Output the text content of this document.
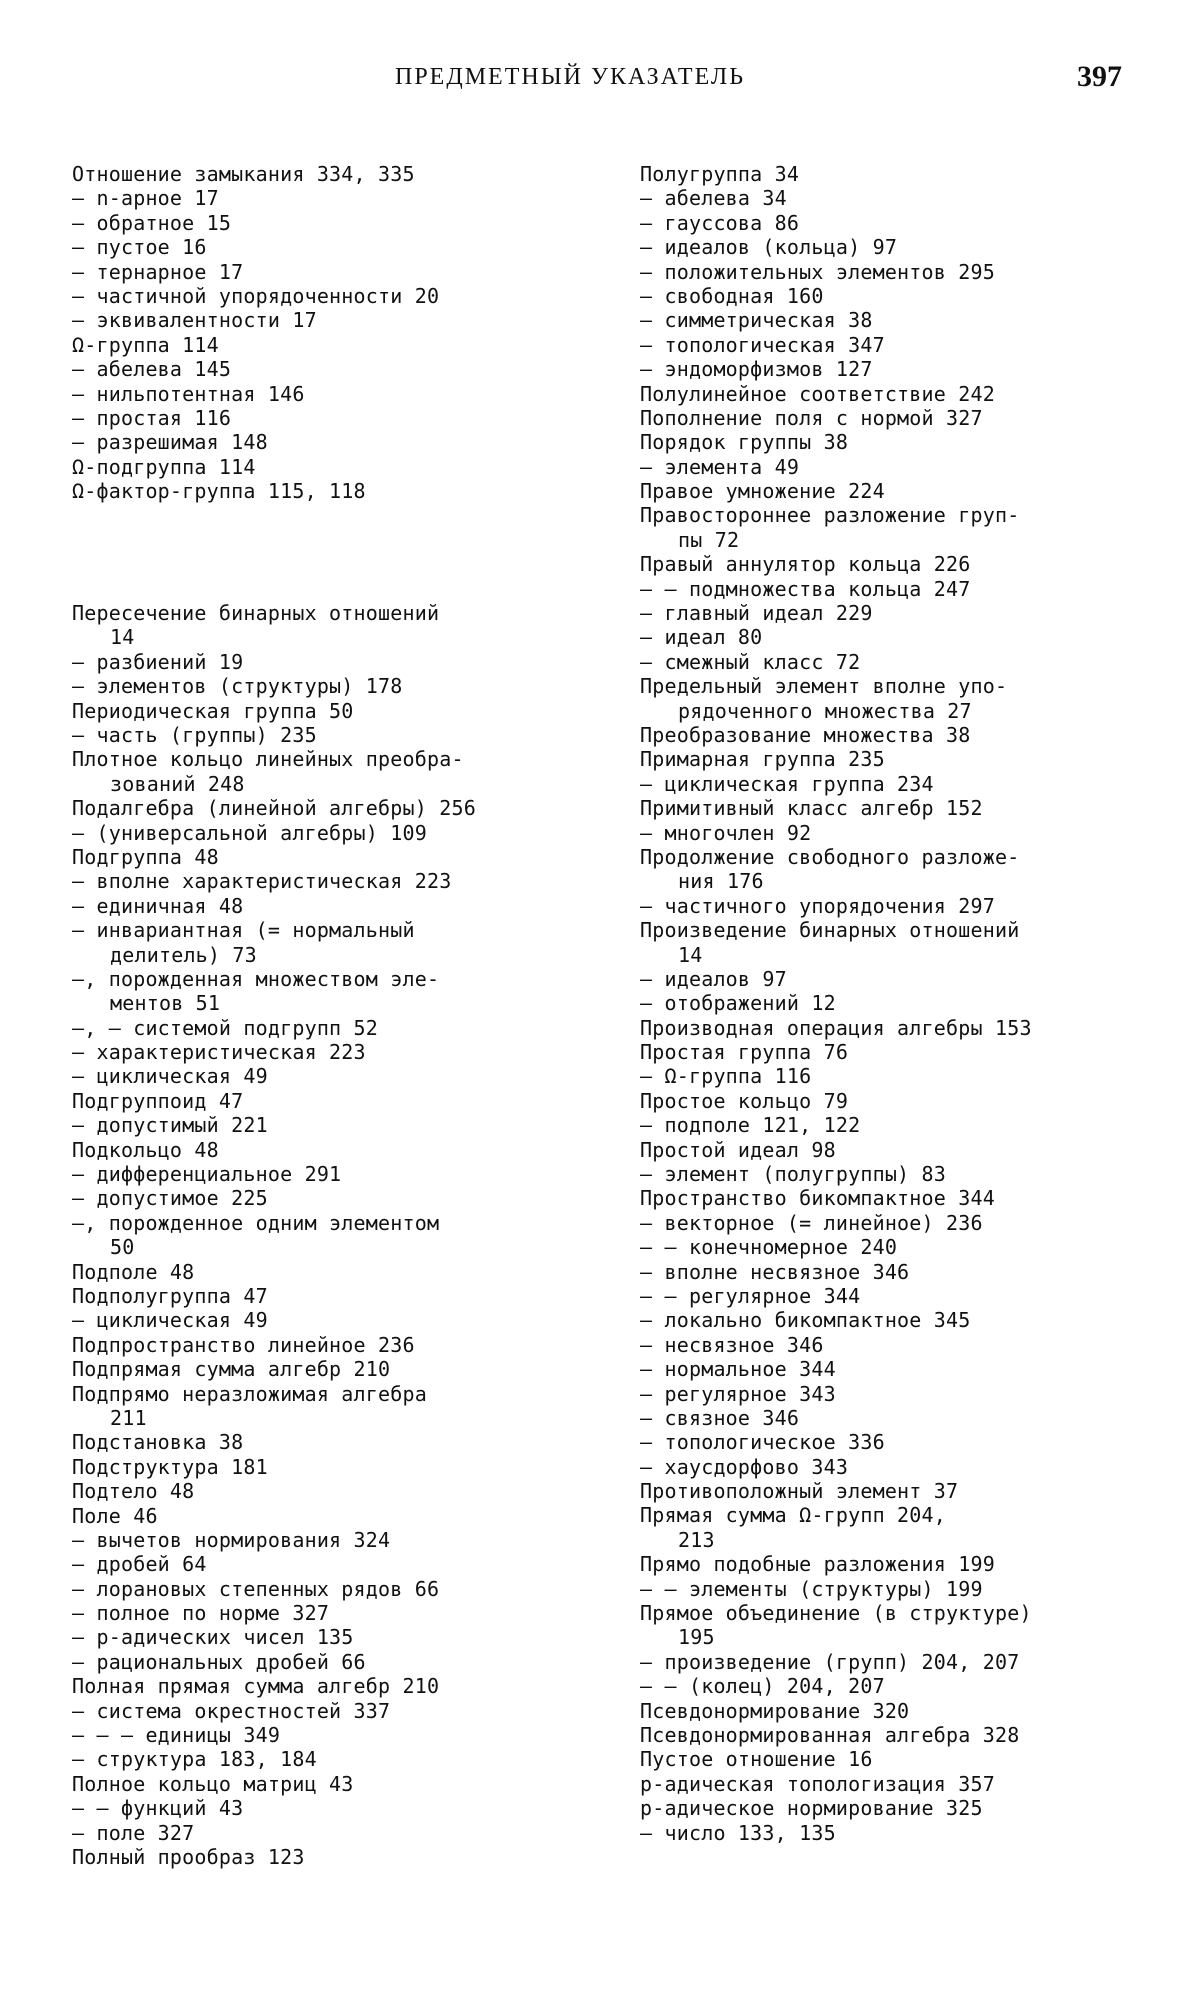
ПРЕДМЕТНЫЙ УКАЗАТЕЛЬ	397
Отношение замыкания 334, 335
— n-арное 17
— обратное 15
— пустое 16
— тернарное 17
— частичной упорядоченности 20
— эквивалентности 17
Ω-группа 114
— абелева 145
— нильпотентная 146
— простая 116
— разрешимая 148
Ω-подгруппа 114
Ω-фактор-группа 115, 118
Пересечение бинарных отношений
14
— разбиений 19
— элементов (структуры) 178
Периодическая группа 50
— часть (группы) 235
Плотное кольцо линейных преобра-
зований 248
Подалгебра (линейной алгебры) 256
— (универсальной алгебры) 109
Подгруппа 48
— вполне характеристическая 223
— единичная 48
— инвариантная (= нормальный
делитель) 73
—, порожденная множеством эле-
ментов 51
—, — системой подгрупп 52
— характеристическая 223
— циклическая 49
Подгруппоид 47
— допустимый 221
Подкольцо 48
— дифференциальное 291
— допустимое 225
—, порожденное одним элементом
50
Подполе 48
Подполугруппа 47
— циклическая 49
Подпространство линейное 236
Подпрямая сумма алгебр 210
Подпрямо неразложимая алгебра
211
Подстановка 38
Подструктура 181
Подтело 48
Поле 46
— вычетов нормирования 324
— дробей 64
— лорановых степенных рядов 66
— полное по норме 327
— p-адических чисел 135
— рациональных дробей 66
Полная прямая сумма алгебр 210
— система окрестностей 337
— — — единицы 349
— структура 183, 184
Полное кольцо матриц 43
— — функций 43
— поле 327
Полный прообраз 123
Полугруппа 34
— абелева 34
— гауссова 86
— идеалов (кольца) 97
— положительных элементов 295
— свободная 160
— симметрическая 38
— топологическая 347
— эндоморфизмов 127
Полулинейное соответствие 242
Пополнение поля с нормой 327
Порядок группы 38
— элемента 49
Правое умножение 224
Правостороннее разложение груп-
пы 72
Правый аннулятор кольца 226
— — подмножества кольца 247
— главный идеал 229
— идеал 80
— смежный класс 72
Предельный элемент вполне упо-
рядоченного множества 27
Преобразование множества 38
Примарная группа 235
— циклическая группа 234
Примитивный класс алгебр 152
— многочлен 92
Продолжение свободного разложе-
ния 176
— частичного упорядочения 297
Произведение бинарных отношений
14
— идеалов 97
— отображений 12
Производная операция алгебры 153
Простая группа 76
— Ω-группа 116
Простое кольцо 79
— подполе 121, 122
Простой идеал 98
— элемент (полугруппы) 83
Пространство бикомпактное 344
— векторное (= линейное) 236
— — конечномерное 240
— вполне несвязное 346
— — регулярное 344
— локально бикомпактное 345
— несвязное 346
— нормальное 344
— регулярное 343
— связное 346
— топологическое 336
— хаусдорфово 343
Противоположный элемент 37
Прямая сумма Ω-групп 204,
213
Прямо подобные разложения 199
— — элементы (структуры) 199
Прямое объединение (в структуре)
195
— произведение (групп) 204, 207
— — (колец) 204, 207
Псевдонормирование 320
Псевдонормированная алгебра 328
Пустое отношение 16
p-адическая топологизация 357
p-адическое нормирование 325
— число 133, 135
